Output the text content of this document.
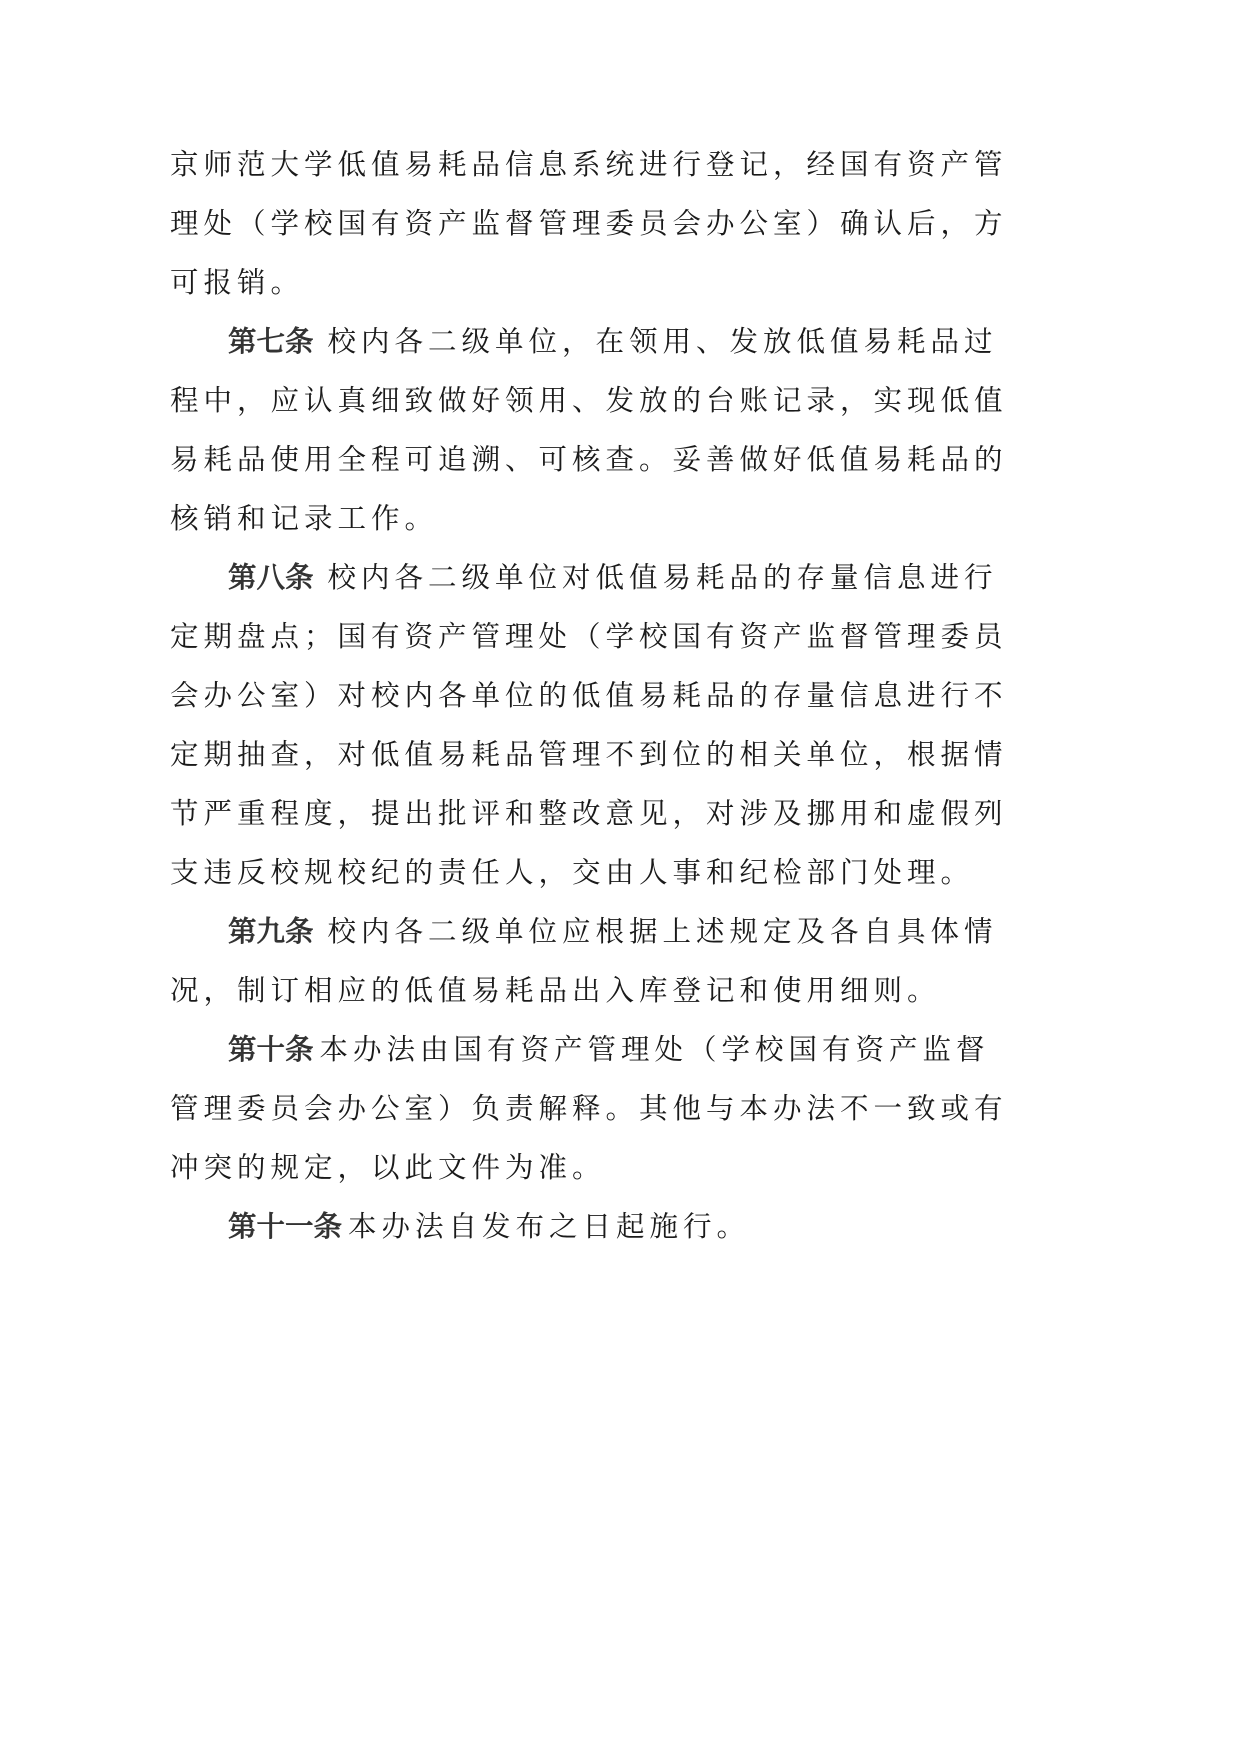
京师范大学低值易耗品信息系统进行登记，经国有资产管
理处（学校国有资产监督管理委员会办公室）确认后，方
可报销。
第七条 校内各二级单位，在领用、发放低值易耗品过
程中，应认真细致做好领用、发放的台账记录，实现低值
易耗品使用全程可追溯、可核查。妥善做好低值易耗品的
核销和记录工作。
第八条 校内各二级单位对低值易耗品的存量信息进行
定期盘点；国有资产管理处（学校国有资产监督管理委员
会办公室）对校内各单位的低值易耗品的存量信息进行不
定期抽查，对低值易耗品管理不到位的相关单位，根据情
节严重程度，提出批评和整改意见，对涉及挪用和虚假列
支违反校规校纪的责任人，交由人事和纪检部门处理。
第九条 校内各二级单位应根据上述规定及各自具体情
况，制订相应的低值易耗品出入库登记和使用细则。
第十条 本办法由国有资产管理处（学校国有资产监督
管理委员会办公室）负责解释。其他与本办法不一致或有
冲突的规定，以此文件为准。
第十一条 本办法自发布之日起施行。
